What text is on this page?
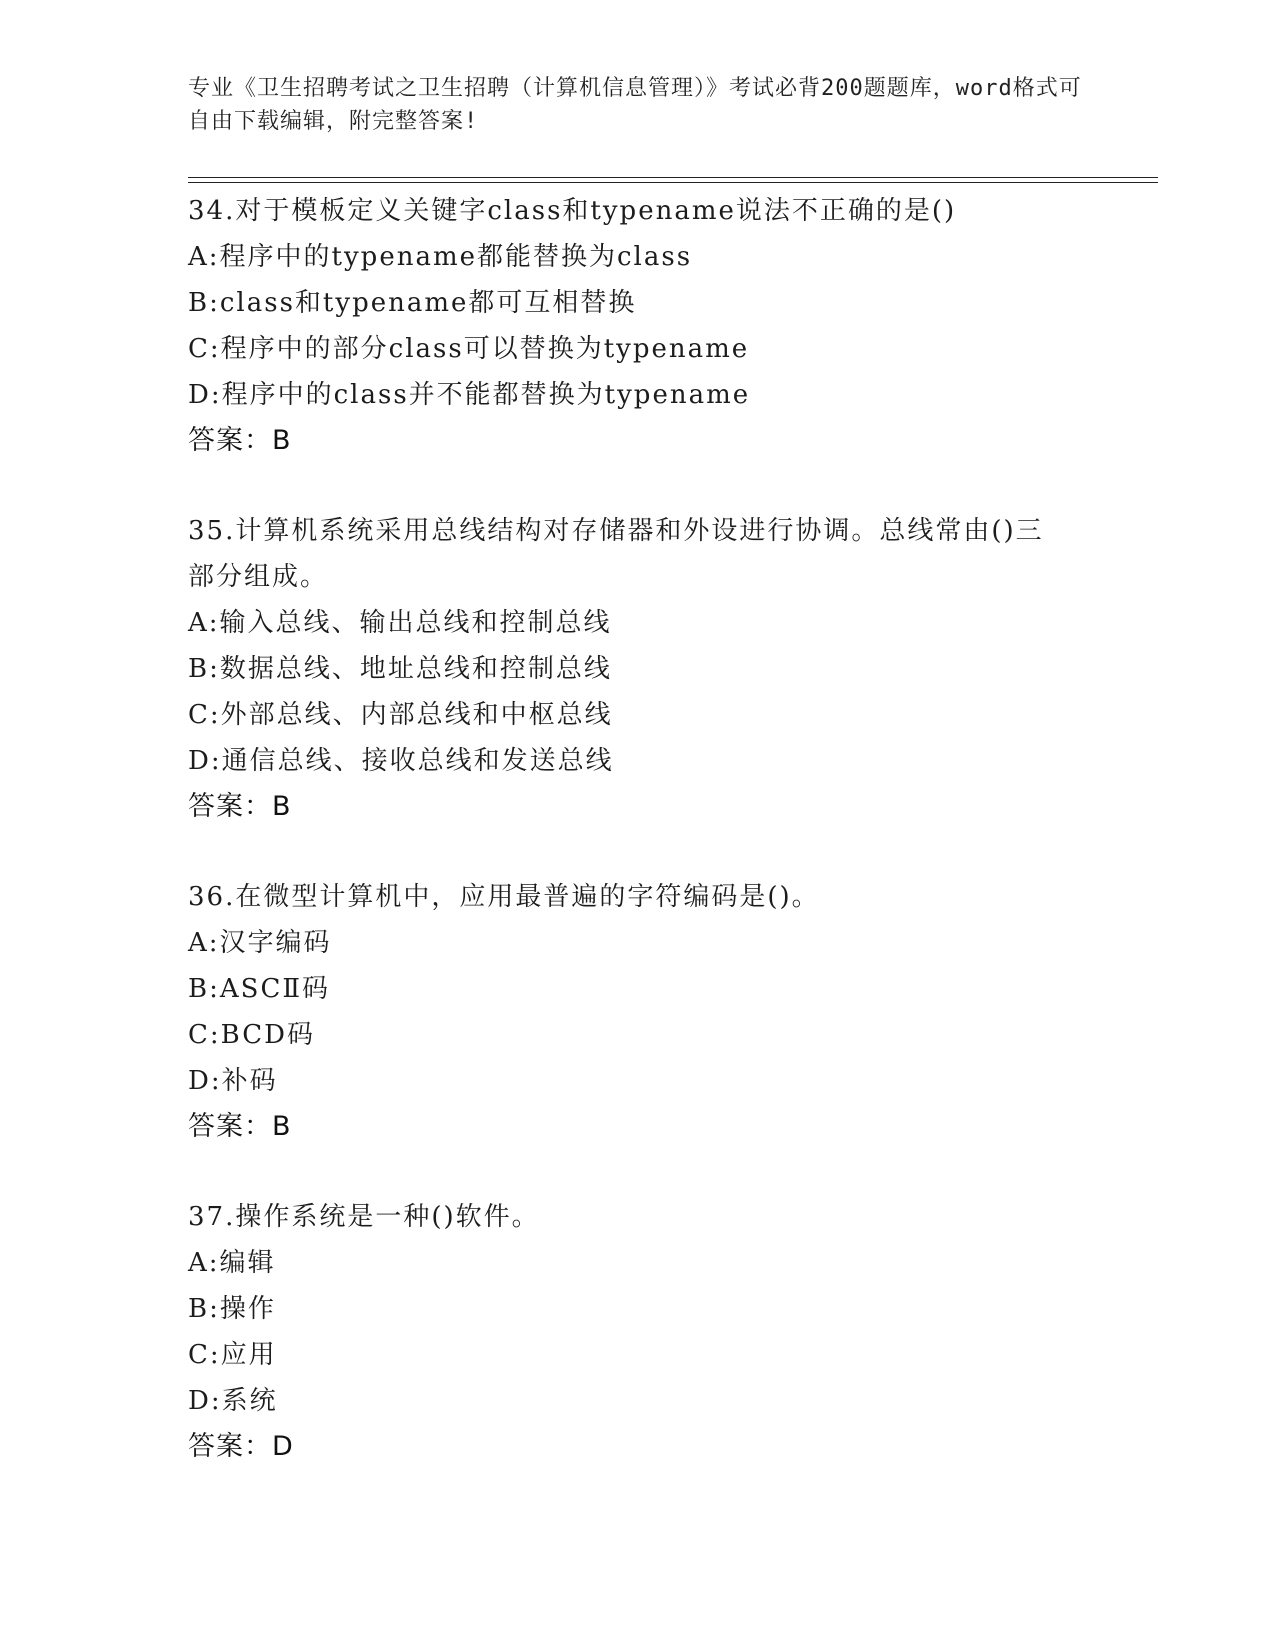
专业《卫生招聘考试之卫生招聘（计算机信息管理）》考试必背200题题库，word格式可自由下载编辑，附完整答案!
34.对于模板定义关键字class和typename说法不正确的是()
A:程序中的typename都能替换为class
B:class和typename都可互相替换
C:程序中的部分class可以替换为typename
D:程序中的class并不能都替换为typename
答案：B
35.计算机系统采用总线结构对存储器和外设进行协调。总线常由()三部分组成。
A:输入总线、输出总线和控制总线
B:数据总线、地址总线和控制总线
C:外部总线、内部总线和中枢总线
D:通信总线、接收总线和发送总线
答案：B
36.在微型计算机中，应用最普遍的字符编码是()。
A:汉字编码
B:ASCⅡ码
C:BCD码
D:补码
答案：B
37.操作系统是一种()软件。
A:编辑
B:操作
C:应用
D:系统
答案：D
